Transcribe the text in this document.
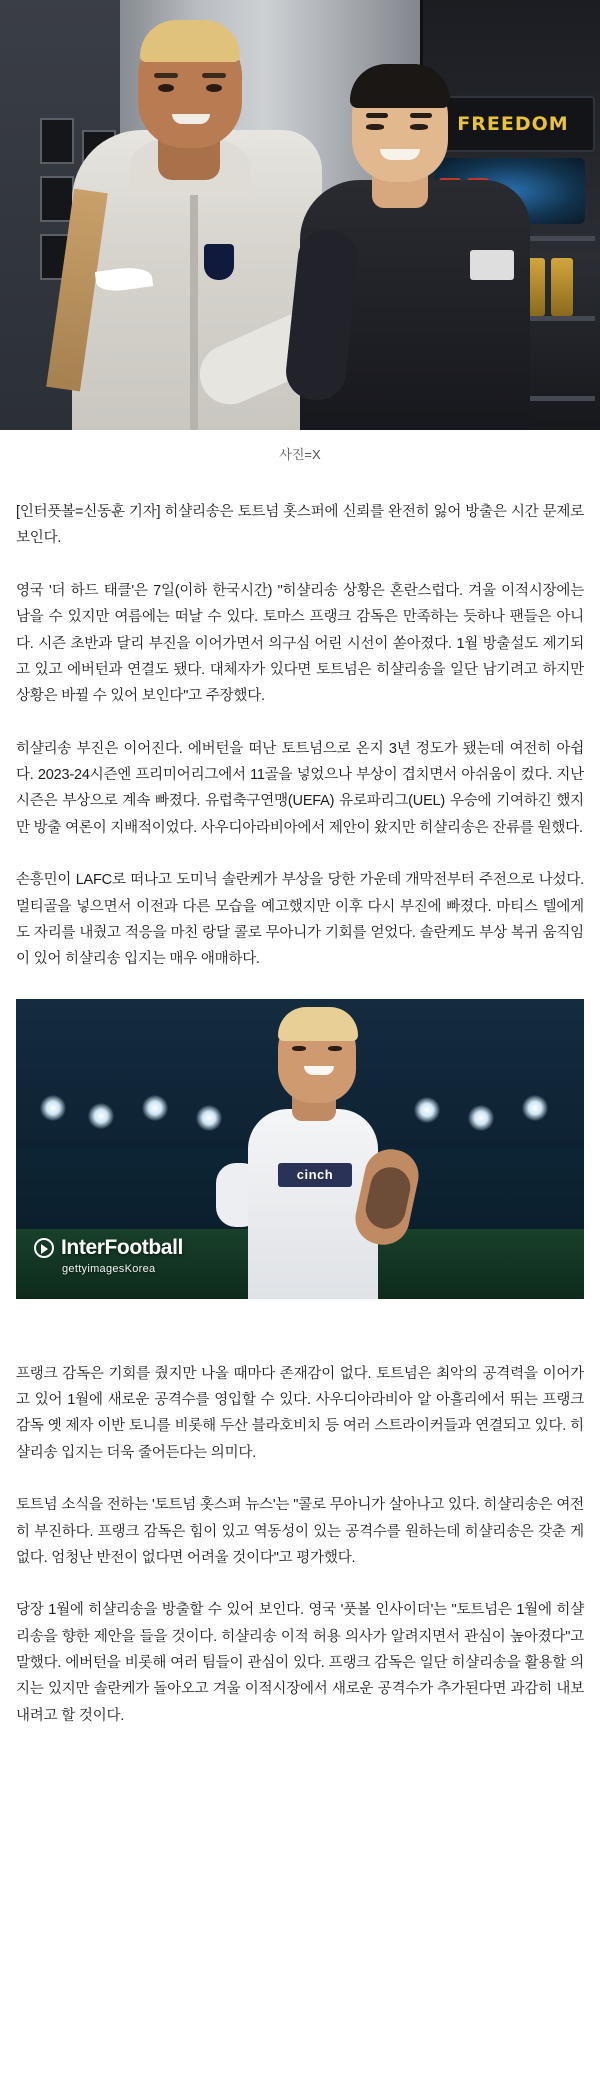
FREEDOM
사진=X

[인터풋볼=신동훈 기자] 히샬리송은 토트넘 홋스퍼에 신뢰를 완전히 잃어 방출은 시간 문제로 보인다.

영국 '더 하드 태클'은 7일(이하 한국시간) "히샬리송 상황은 혼란스럽다. 겨울 이적시장에는 남을 수 있지만 여름에는 떠날 수 있다. 토마스 프랭크 감독은 만족하는 듯하나 팬들은 아니다. 시즌 초반과 달리 부진을 이어가면서 의구심 어린 시선이 쏟아졌다. 1월 방출설도 제기되고 있고 에버턴과 연결도 됐다. 대체자가 있다면 토트넘은 히샬리송을 일단 남기려고 하지만 상황은 바뀔 수 있어 보인다"고 주장했다.

히샬리송 부진은 이어진다. 에버턴을 떠난 토트넘으로 온지 3년 정도가 됐는데 여전히 아쉽다. 2023-24시즌엔 프리미어리그에서 11골을 넣었으나 부상이 겹치면서 아쉬움이 컸다. 지난 시즌은 부상으로 계속 빠졌다. 유럽축구연맹(UEFA) 유로파리그(UEL) 우승에 기여하긴 했지만 방출 여론이 지배적이었다. 사우디아라비아에서 제안이 왔지만 히샬리송은 잔류를 원했다.

손흥민이 LAFC로 떠나고 도미닉 솔란케가 부상을 당한 가운데 개막전부터 주전으로 나섰다. 멀티골을 넣으면서 이전과 다른 모습을 예고했지만 이후 다시 부진에 빠졌다. 마티스 텔에게도 자리를 내줬고 적응을 마친 랑달 콜로 무아니가 기회를 얻었다. 솔란케도 부상 복귀 움직임이 있어 히샬리송 입지는 매우 애매하다.

cinch
InterFootball
gettyimagesKorea

프랭크 감독은 기회를 줬지만 나올 때마다 존재감이 없다. 토트넘은 최악의 공격력을 이어가고 있어 1월에 새로운 공격수를 영입할 수 있다. 사우디아라비아 알 아흘리에서 뛰는 프랭크 감독 옛 제자 이반 토니를 비롯해 두산 블라호비치 등 여러 스트라이커들과 연결되고 있다. 히샬리송 입지는 더욱 줄어든다는 의미다.

토트넘 소식을 전하는 '토트넘 홋스퍼 뉴스'는 "콜로 무아니가 살아나고 있다. 히샬리송은 여전히 부진하다. 프랭크 감독은 힘이 있고 역동성이 있는 공격수를 원하는데 히샬리송은 갖춘 게 없다. 엄청난 반전이 없다면 어려울 것이다"고 평가했다.

당장 1월에 히샬리송을 방출할 수 있어 보인다. 영국 '풋볼 인사이더'는 "토트넘은 1월에 히샬리송을 향한 제안을 들을 것이다. 히샬리송 이적 허용 의사가 알려지면서 관심이 높아졌다"고 말했다. 에버턴을 비롯해 여러 팀들이 관심이 있다. 프랭크 감독은 일단 히샬리송을 활용할 의지는 있지만 솔란케가 돌아오고 겨울 이적시장에서 새로운 공격수가 추가된다면 과감히 내보내려고 할 것이다.
